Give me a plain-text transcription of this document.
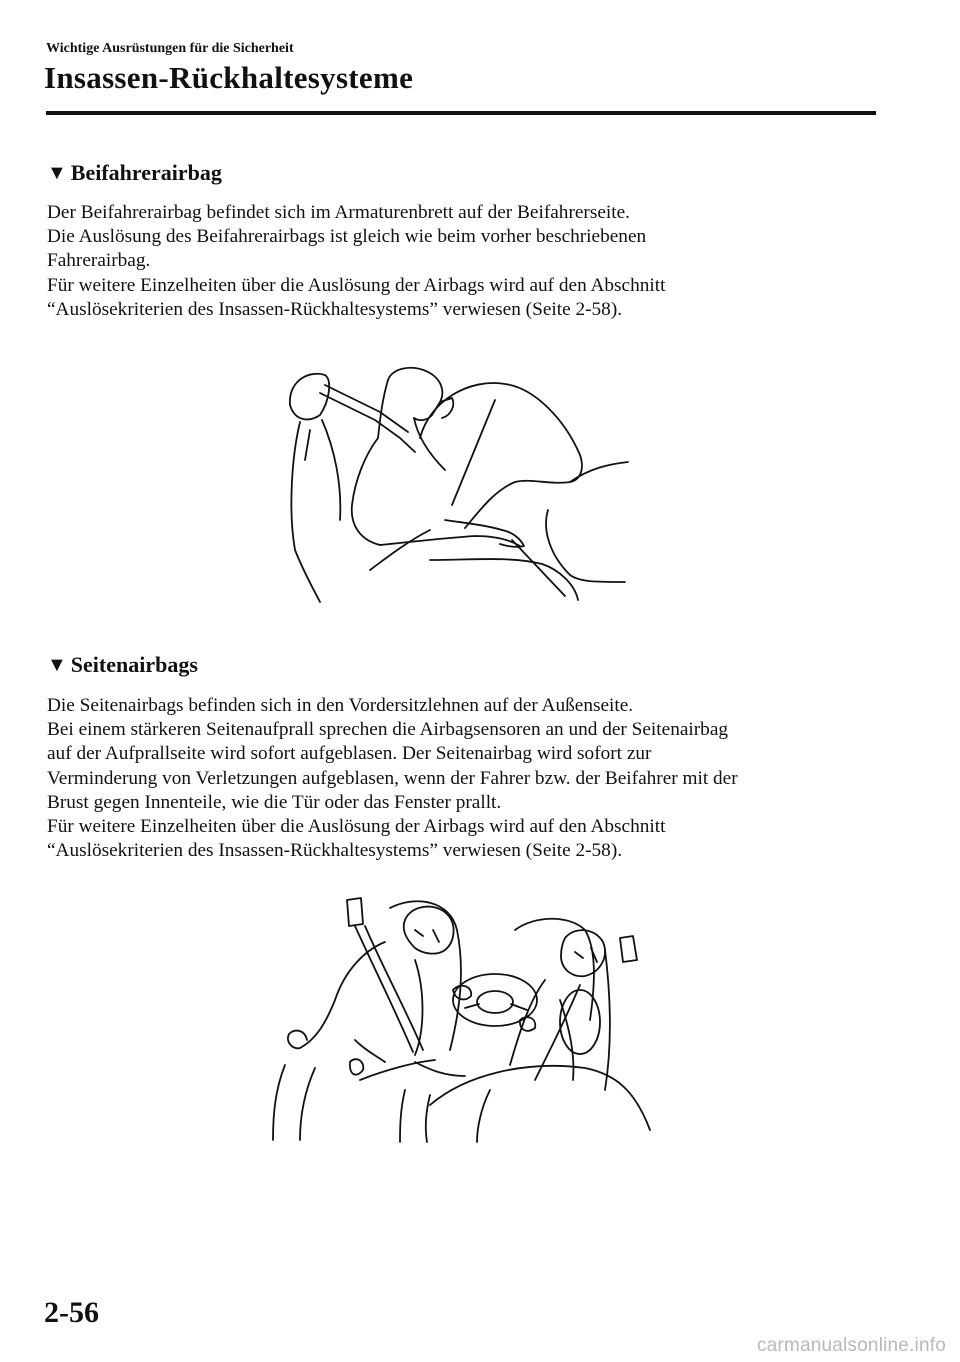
Wichtige Ausrüstungen für die Sicherheit
Insassen-Rückhaltesysteme
▼ Beifahrerairbag

Der Beifahrerairbag befindet sich im Armaturenbrett auf der Beifahrerseite.

Die Auslösung des Beifahrerairbags ist gleich wie beim vorher beschriebenen

Fahrerairbag.

Für weitere Einzelheiten über die Auslösung der Airbags wird auf den Abschnitt

“Auslösekriterien des Insassen-Rückhaltesystems” verwiesen (Seite 2-58).

▼ Seitenairbags

Die Seitenairbags befinden sich in den Vordersitzlehnen auf der Außenseite.

Bei einem stärkeren Seitenaufprall sprechen die Airbagsensoren an und der Seitenairbag

auf der Aufprallseite wird sofort aufgeblasen. Der Seitenairbag wird sofort zur

Verminderung von Verletzungen aufgeblasen, wenn der Fahrer bzw. der Beifahrer mit der

Brust gegen Innenteile, wie die Tür oder das Fenster prallt.

Für weitere Einzelheiten über die Auslösung der Airbags wird auf den Abschnitt

“Auslösekriterien des Insassen-Rückhaltesystems” verwiesen (Seite 2-58).

2-56
carmanualsonline.info
